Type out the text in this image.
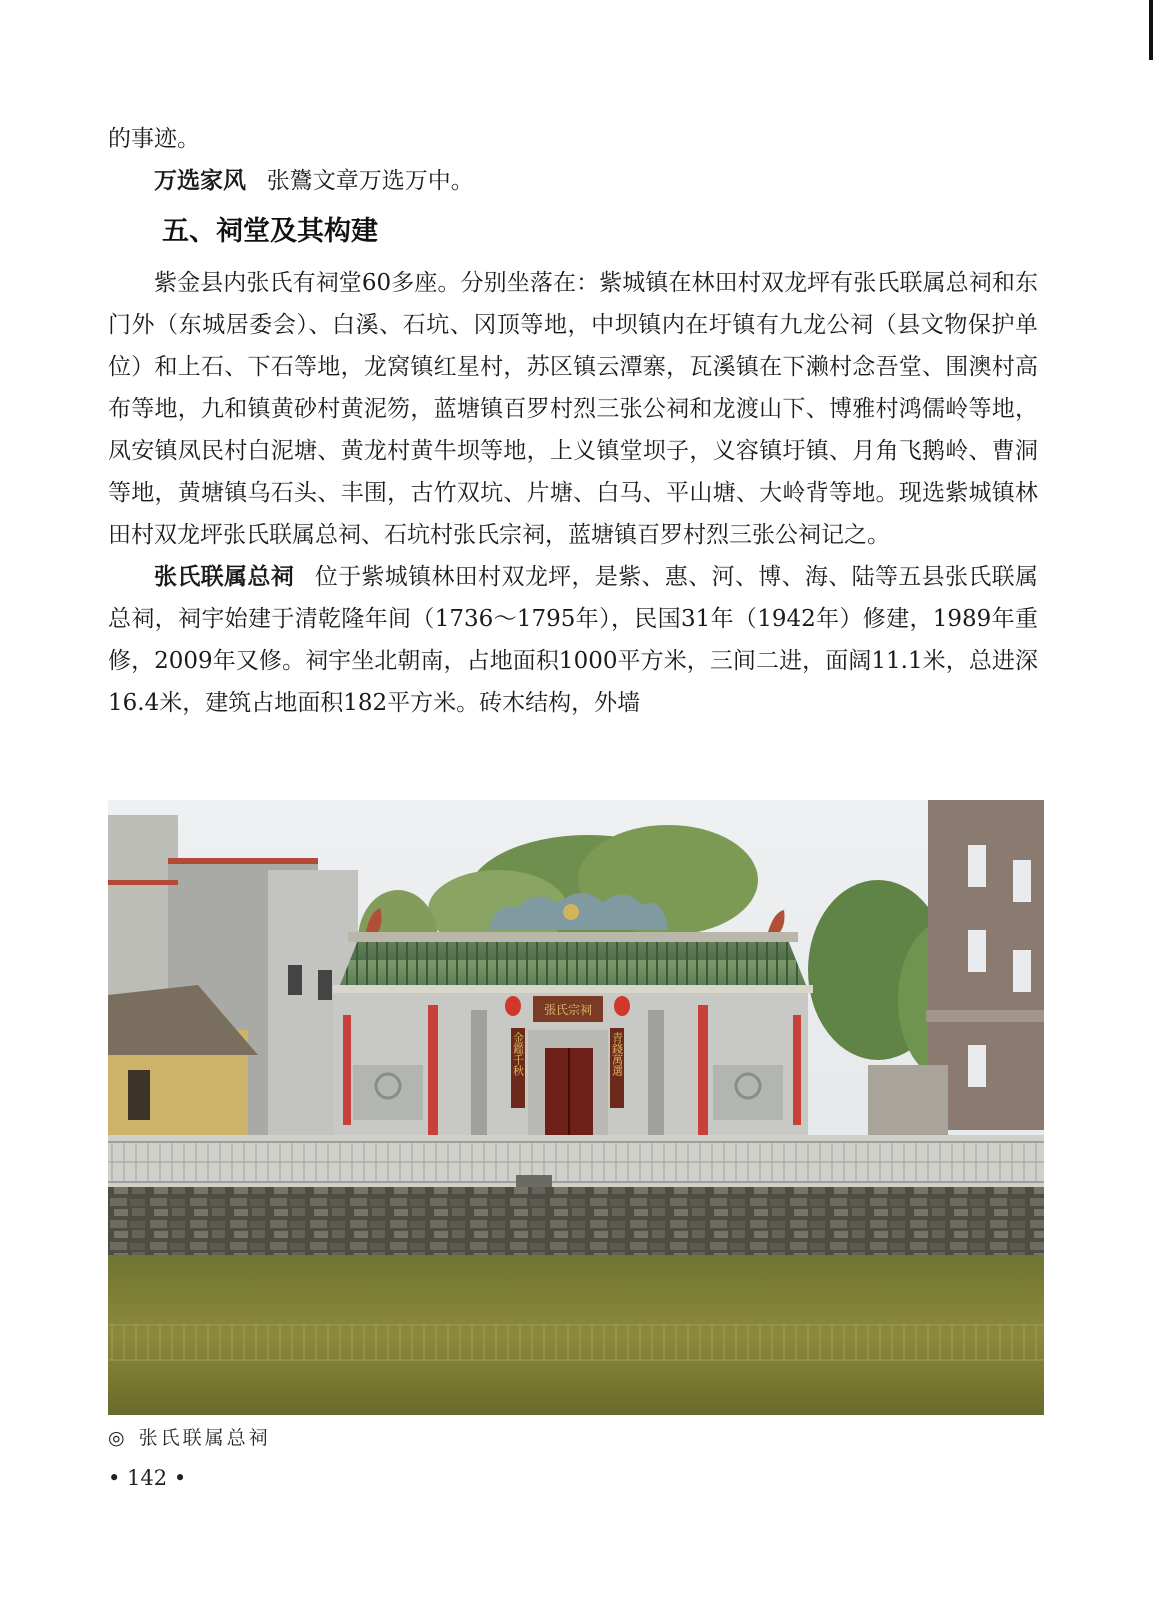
的事迹。

万选家风 张鷟文章万选万中。

五、祠堂及其构建

紫金县内张氏有祠堂60多座。分别坐落在：紫城镇在林田村双龙坪有张氏联属总祠和东门外（东城居委会）、白溪、石坑、冈顶等地，中坝镇内在圩镇有九龙公祠（县文物保护单位）和上石、下石等地，龙窝镇红星村，苏区镇云潭寨，瓦溪镇在下濑村念吾堂、围澳村高布等地，九和镇黄砂村黄泥笏，蓝塘镇百罗村烈三张公祠和龙渡山下、博雅村鸿儒岭等地，凤安镇凤民村白泥塘、黄龙村黄牛坝等地，上义镇堂坝子，义容镇圩镇、月角飞鹅岭、曹洞等地，黄塘镇乌石头、丰围，古竹双坑、片塘、白马、平山塘、大岭背等地。现选紫城镇林田村双龙坪张氏联属总祠、石坑村张氏宗祠，蓝塘镇百罗村烈三张公祠记之。

张氏联属总祠 位于紫城镇林田村双龙坪，是紫、惠、河、博、海、陆等五县张氏联属总祠，祠宇始建于清乾隆年间（1736～1795年），民国31年（1942年）修建，1989年重修，2009年又修。祠宇坐北朝南，占地面积1000平方米，三间二进，面阔11.1米，总进深16.4米，建筑占地面积182平方米。砖木结构，外墙

張氏宗祠
金鑑千秋	青錢萬選
◎ 张氏联属总祠
• 142 •
